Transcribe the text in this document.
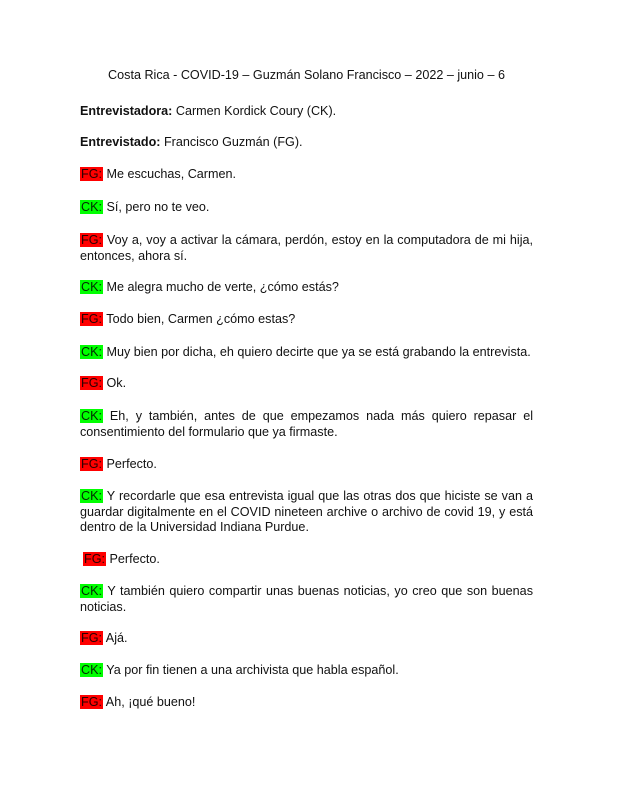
Costa Rica - COVID-19 – Guzmán Solano Francisco – 2022 – junio – 6
Entrevistadora: Carmen Kordick Coury (CK).
Entrevistado: Francisco Guzmán (FG).
FG: Me escuchas, Carmen.
CK: Sí, pero no te veo.
FG: Voy a, voy a activar la cámara, perdón, estoy en la computadora de mi hija, entonces, ahora sí.
CK: Me alegra mucho de verte, ¿cómo estás?
FG: Todo bien, Carmen ¿cómo estas?
CK: Muy bien por dicha, eh quiero decirte que ya se está grabando la entrevista.
FG: Ok.
CK: Eh, y también, antes de que empezamos nada más quiero repasar el consentimiento del formulario que ya firmaste.
FG: Perfecto.
CK: Y recordarle que esa entrevista igual que las otras dos que hiciste se van a guardar digitalmente en el COVID nineteen archive o archivo de covid 19, y está dentro de la Universidad Indiana Purdue.
FG: Perfecto.
CK: Y también quiero compartir unas buenas noticias, yo creo que son buenas noticias.
FG: Ajá.
CK: Ya por fin tienen a una archivista que habla español.
FG: Ah, ¡qué bueno!
